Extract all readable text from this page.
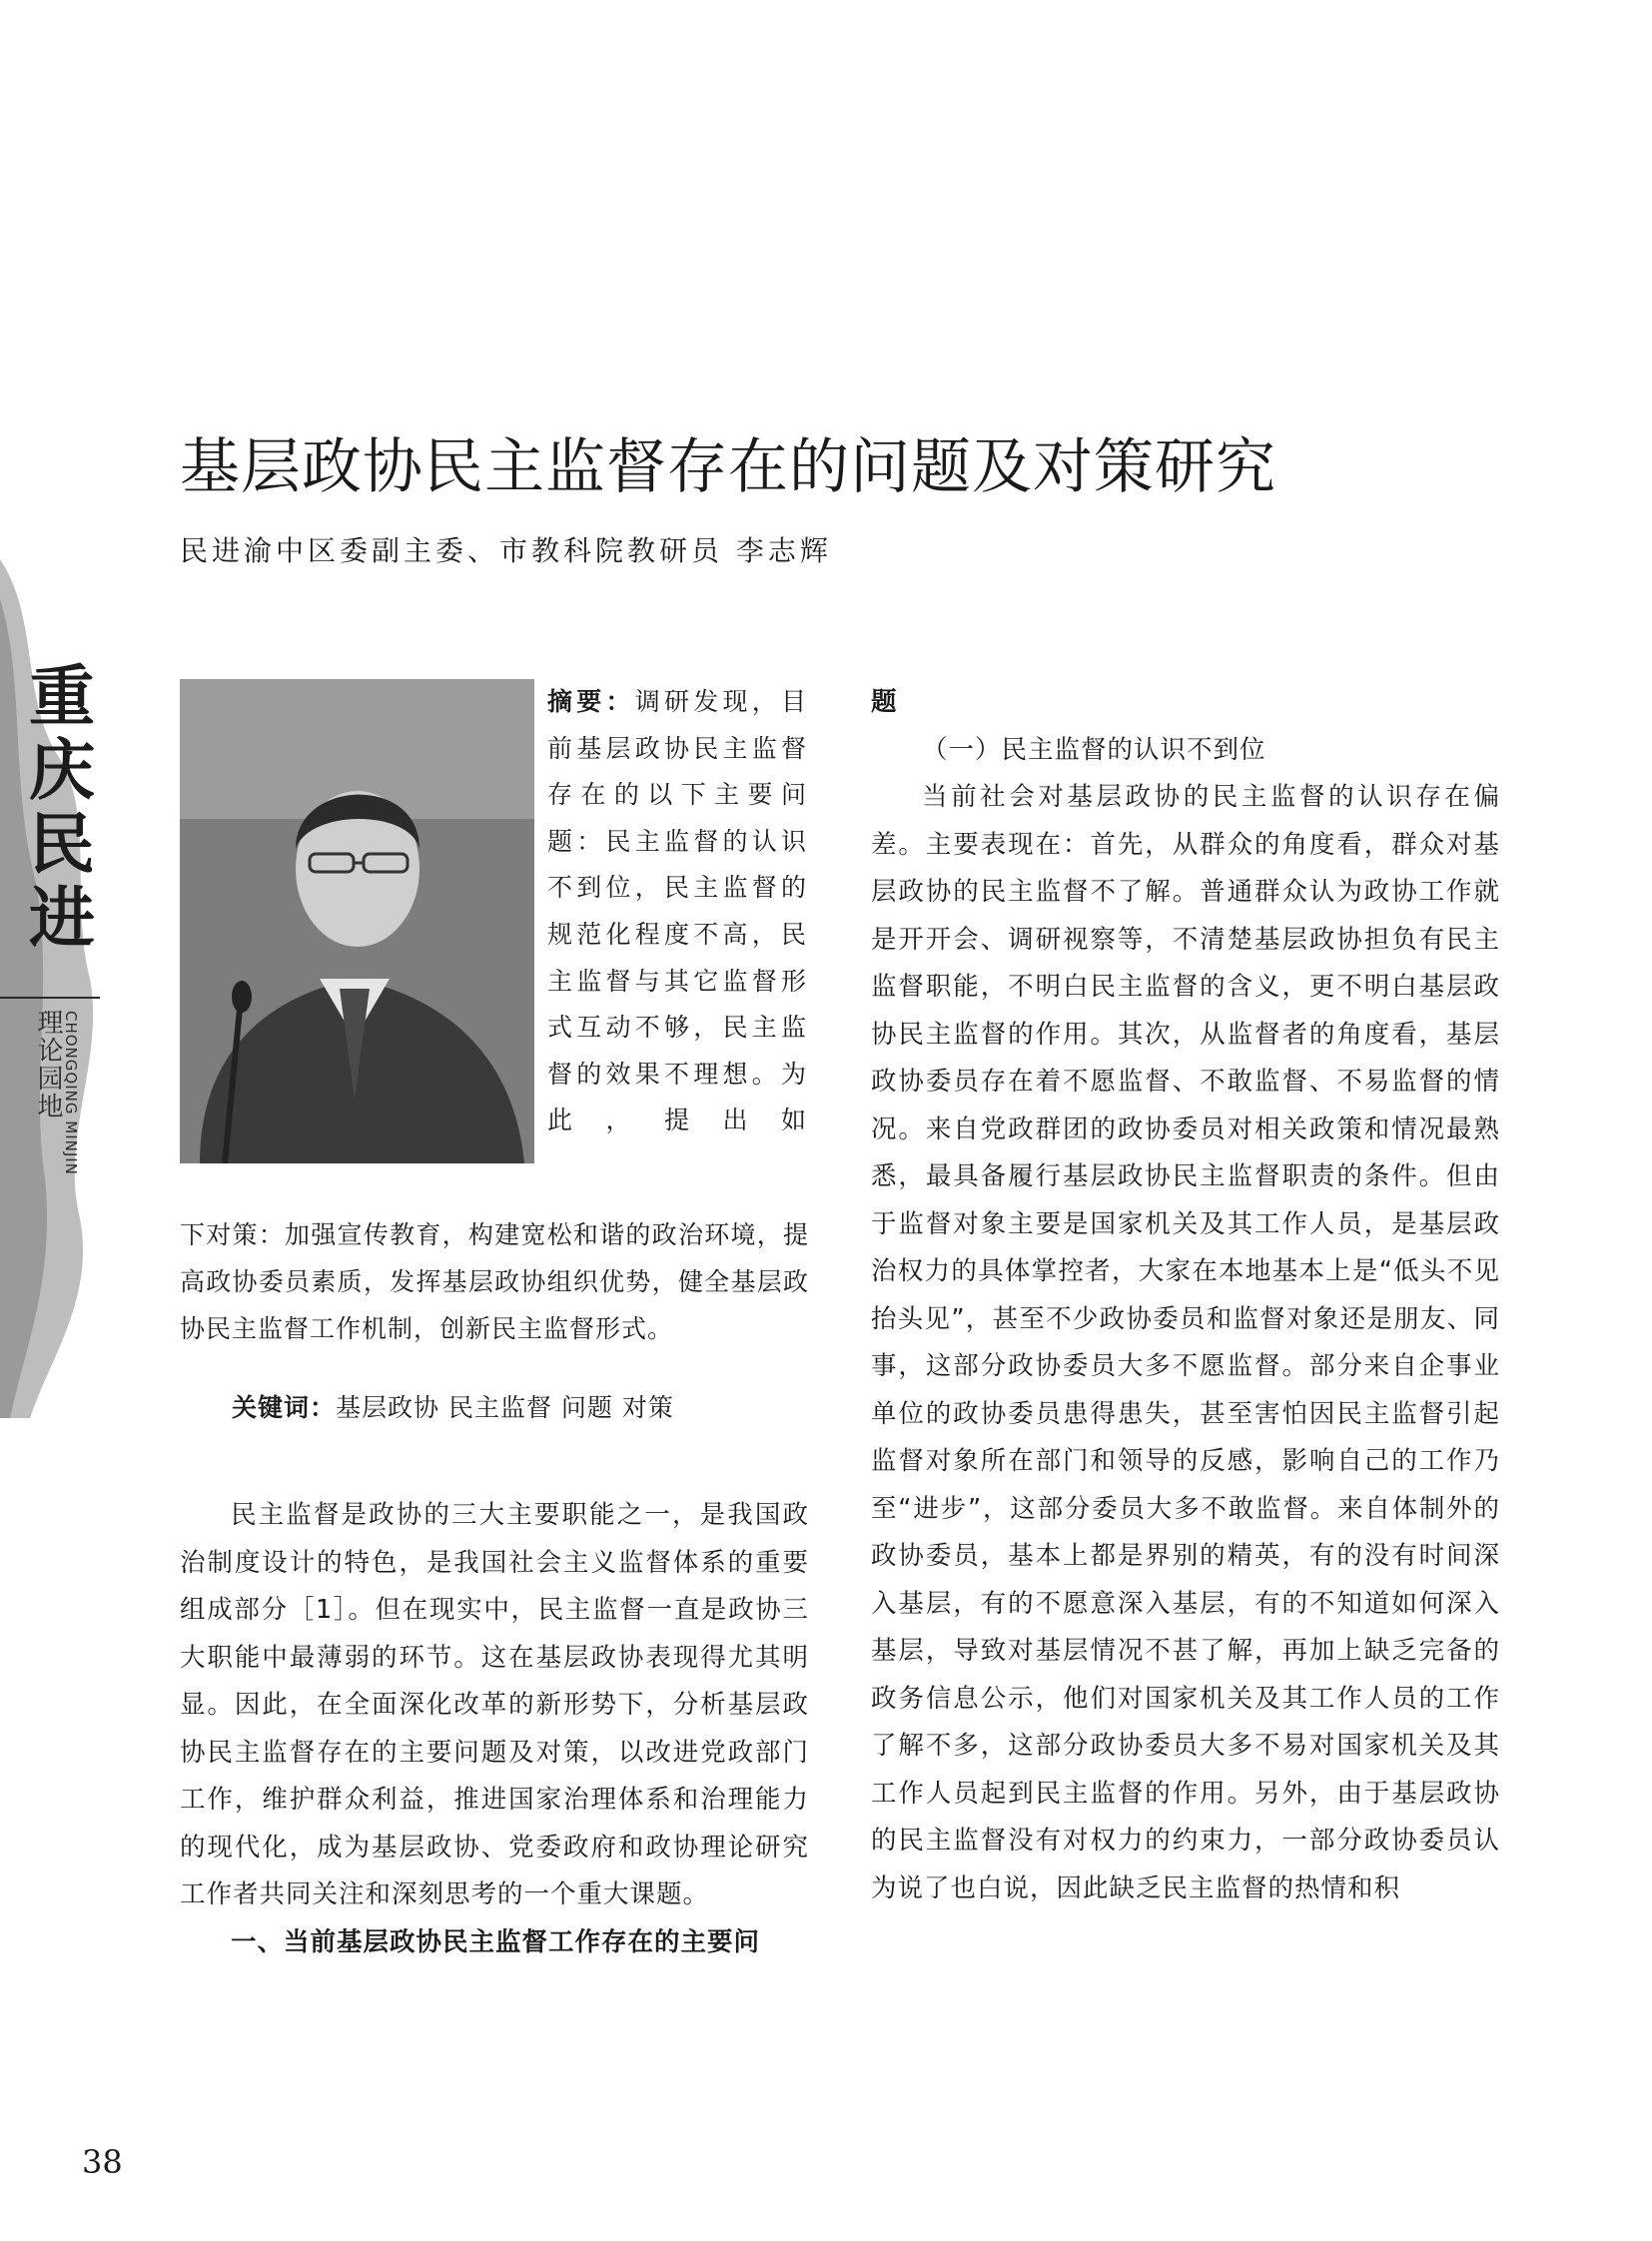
重庆民进
理论园地 CHONGQING MINJIN
基层政协民主监督存在的问题及对策研究
民进渝中区委副主委、市教科院教研员 李志辉
摘要：调研发现，目前基层政协民主监督存在的以下主要问题：民主监督的认识不到位，民主监督的规范化程度不高，民主监督与其它监督形式互动不够，民主监督的效果不理想。为此，提出如
下对策：加强宣传教育，构建宽松和谐的政治环境，提高政协委员素质，发挥基层政协组织优势，健全基层政协民主监督工作机制，创新民主监督形式。
关键词：基层政协 民主监督 问题 对策

民主监督是政协的三大主要职能之一，是我国政治制度设计的特色，是我国社会主义监督体系的重要组成部分［1］。但在现实中，民主监督一直是政协三大职能中最薄弱的环节。这在基层政协表现得尤其明显。因此，在全面深化改革的新形势下，分析基层政协民主监督存在的主要问题及对策，以改进党政部门工作，维护群众利益，推进国家治理体系和治理能力的现代化，成为基层政协、党委政府和政协理论研究工作者共同关注和深刻思考的一个重大课题。

一、当前基层政协民主监督工作存在的主要问

题

（一）民主监督的认识不到位

当前社会对基层政协的民主监督的认识存在偏差。主要表现在：首先，从群众的角度看，群众对基层政协的民主监督不了解。普通群众认为政协工作就是开开会、调研视察等，不清楚基层政协担负有民主监督职能，不明白民主监督的含义，更不明白基层政协民主监督的作用。其次，从监督者的角度看，基层政协委员存在着不愿监督、不敢监督、不易监督的情况。来自党政群团的政协委员对相关政策和情况最熟悉，最具备履行基层政协民主监督职责的条件。但由于监督对象主要是国家机关及其工作人员，是基层政治权力的具体掌控者，大家在本地基本上是“低头不见抬头见”，甚至不少政协委员和监督对象还是朋友、同事，这部分政协委员大多不愿监督。部分来自企事业单位的政协委员患得患失，甚至害怕因民主监督引起监督对象所在部门和领导的反感，影响自己的工作乃至“进步”，这部分委员大多不敢监督。来自体制外的政协委员，基本上都是界别的精英，有的没有时间深入基层，有的不愿意深入基层，有的不知道如何深入基层，导致对基层情况不甚了解，再加上缺乏完备的政务信息公示，他们对国家机关及其工作人员的工作了解不多，这部分政协委员大多不易对国家机关及其工作人员起到民主监督的作用。另外，由于基层政协的民主监督没有对权力的约束力，一部分政协委员认为说了也白说，因此缺乏民主监督的热情和积

38
